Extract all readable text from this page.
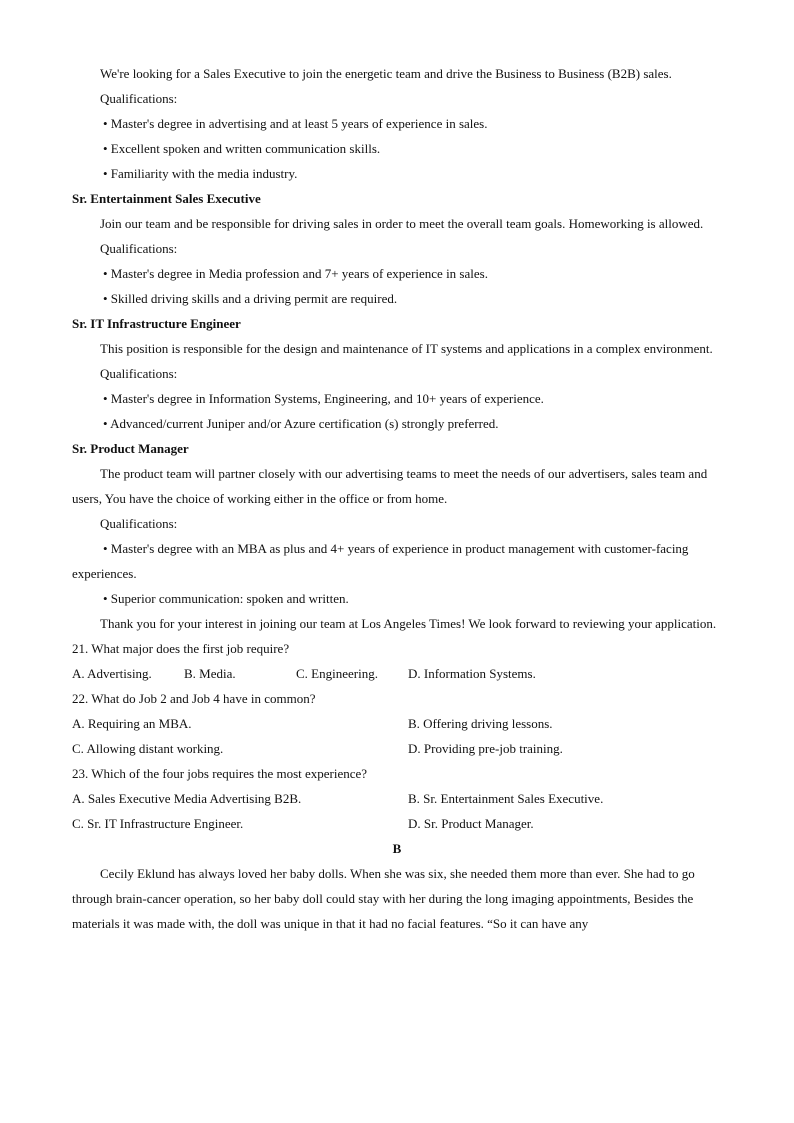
We're looking for a Sales Executive to join the energetic team and drive the Business to Business (B2B) sales.

Qualifications:
• Master's degree in advertising and at least 5 years of experience in sales.
• Excellent spoken and written communication skills.
• Familiarity with the media industry.
Sr. Entertainment Sales Executive

Join our team and be responsible for driving sales in order to meet the overall team goals. Homeworking is allowed.

Qualifications:
• Master's degree in Media profession and 7+ years of experience in sales.
• Skilled driving skills and a driving permit are required.
Sr. IT Infrastructure Engineer

This position is responsible for the design and maintenance of IT systems and applications in a complex environment.

Qualifications:
• Master's degree in Information Systems, Engineering, and 10+ years of experience.
• Advanced/current Juniper and/or Azure certification (s) strongly preferred.
Sr. Product Manager

The product team will partner closely with our advertising teams to meet the needs of our advertisers, sales team and users, You have the choice of working either in the office or from home.

Qualifications:

• Master's degree with an MBA as plus and 4+ years of experience in product management with customer-facing experiences.

• Superior communication: spoken and written.

Thank you for your interest in joining our team at Los Angeles Times! We look forward to reviewing your application.

21. What major does the first job require?
A. Advertising. B. Media.	C. Engineering. D. Information Systems.
22. What do Job 2 and Job 4 have in common?
A. Requiring an MBA.	B. Offering driving lessons.
C. Allowing distant working.	D. Providing pre-job training.
23. Which of the four jobs requires the most experience?
A. Sales Executive Media Advertising B2B.	B. Sr. Entertainment Sales Executive.
C. Sr. IT Infrastructure Engineer.	D. Sr. Product Manager.
B

Cecily Eklund has always loved her baby dolls. When she was six, she needed them more than ever. She had to go through brain-cancer operation, so her baby doll could stay with her during the long imaging appointments, Besides the materials it was made with, the doll was unique in that it had no facial features. “So it can have any
